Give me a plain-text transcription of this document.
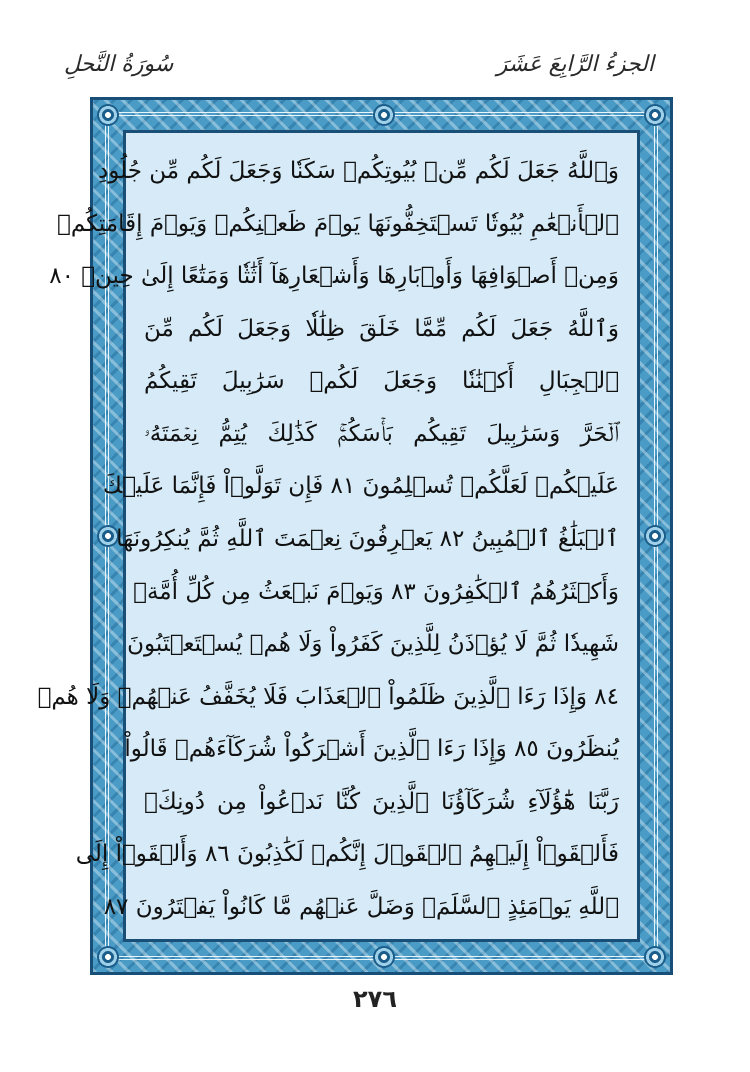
الجزءُ الرَّابِعَ عَشَرَ
سُورَةُ النَّحلِ
وَٱللَّهُ جَعَلَ لَكُم مِّنۢ بُيُوتِكُمۡ سَكَنٗا وَجَعَلَ لَكُم مِّن جُلُودِ
ٱلۡأَنۡعَٰمِ بُيُوتٗا تَسۡتَخِفُّونَهَا يَوۡمَ ظَعۡنِكُمۡ وَيَوۡمَ إِقَامَتِكُمۡ
وَمِنۡ أَصۡوَافِهَا وَأَوۡبَارِهَا وَأَشۡعَارِهَآ أَثَٰثٗا وَمَتَٰعًا إِلَىٰ حِينٖ ٨٠
وَٱللَّهُ جَعَلَ لَكُم مِّمَّا خَلَقَ ظِلَٰلٗا وَجَعَلَ لَكُم مِّنَ
ٱلۡجِبَالِ أَكۡنَٰنٗا وَجَعَلَ لَكُمۡ سَرَٰبِيلَ تَقِيكُمُ
ٱلۡحَرَّ وَسَرَٰبِيلَ تَقِيكُم بَأۡسَكُمۡۚ كَذَٰلِكَ يُتِمُّ نِعۡمَتَهُۥ
عَلَيۡكُمۡ لَعَلَّكُمۡ تُسۡلِمُونَ ٨١ فَإِن تَوَلَّوۡاْ فَإِنَّمَا عَلَيۡكَ
ٱلۡبَلَٰغُ ٱلۡمُبِينُ ٨٢ يَعۡرِفُونَ نِعۡمَتَ ٱللَّهِ ثُمَّ يُنكِرُونَهَا
وَأَكۡثَرُهُمُ ٱلۡكَٰفِرُونَ ٨٣ وَيَوۡمَ نَبۡعَثُ مِن كُلِّ أُمَّةٖ
شَهِيدٗا ثُمَّ لَا يُؤۡذَنُ لِلَّذِينَ كَفَرُواْ وَلَا هُمۡ يُسۡتَعۡتَبُونَ
٨٤ وَإِذَا رَءَا ٱلَّذِينَ ظَلَمُواْ ٱلۡعَذَابَ فَلَا يُخَفَّفُ عَنۡهُمۡ وَلَا هُمۡ
يُنظَرُونَ ٨٥ وَإِذَا رَءَا ٱلَّذِينَ أَشۡرَكُواْ شُرَكَآءَهُمۡ قَالُواْ
رَبَّنَا هَٰٓؤُلَآءِ شُرَكَآؤُنَا ٱلَّذِينَ كُنَّا نَدۡعُواْ مِن دُونِكَۖ
فَأَلۡقَوۡاْ إِلَيۡهِمُ ٱلۡقَوۡلَ إِنَّكُمۡ لَكَٰذِبُونَ ٨٦ وَأَلۡقَوۡاْ إِلَى
ٱللَّهِ يَوۡمَئِذٍ ٱلسَّلَمَۖ وَضَلَّ عَنۡهُم مَّا كَانُواْ يَفۡتَرُونَ ٨٧
٢٧٦
